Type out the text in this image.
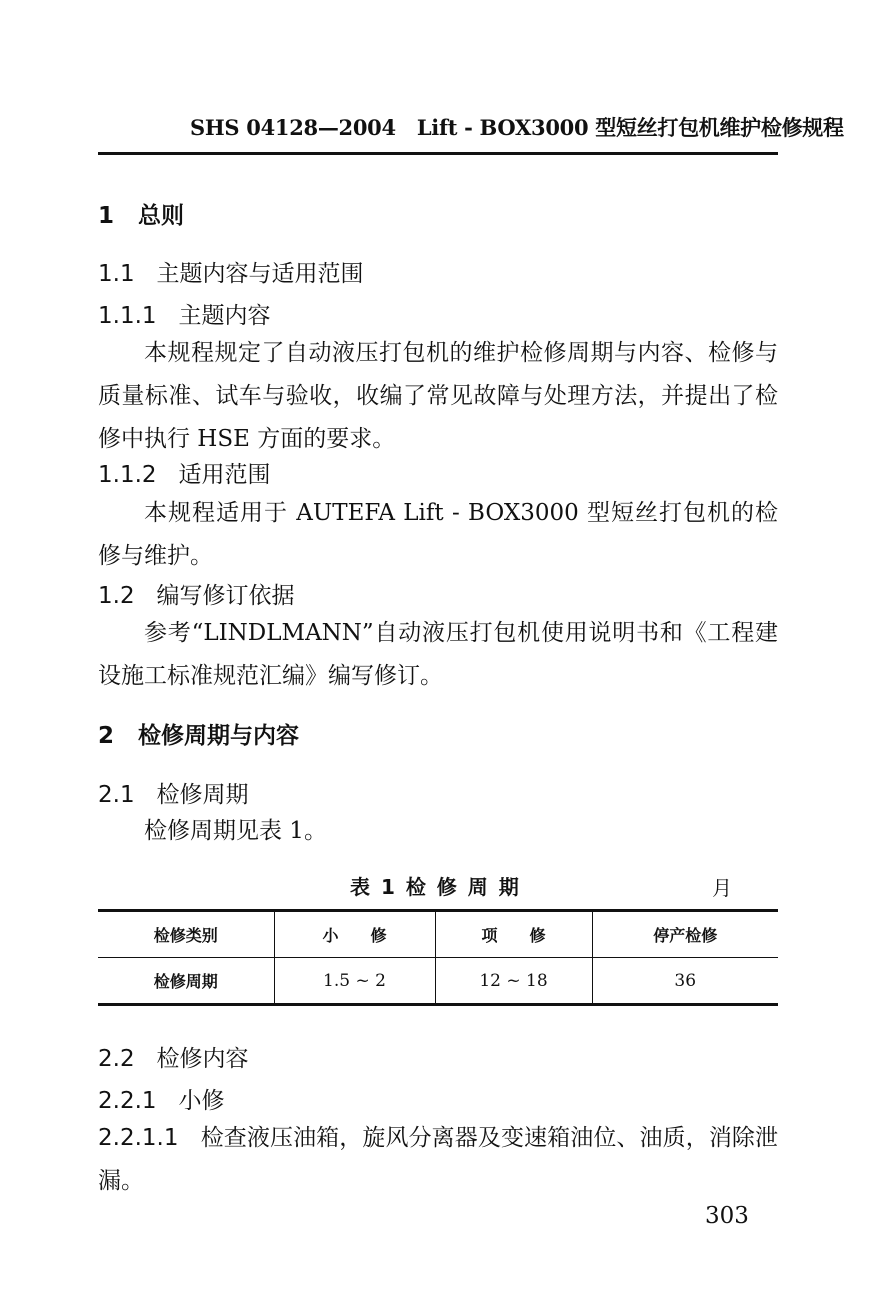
SHS 04128—2004 Lift - BOX3000 型短丝打包机维护检修规程
1 总则
1.1 主题内容与适用范围
1.1.1 主题内容
本规程规定了自动液压打包机的维护检修周期与内容、检修与质量标准、试车与验收，收编了常见故障与处理方法，并提出了检修中执行 HSE 方面的要求。
1.1.2 适用范围
本规程适用于 AUTEFA Lift - BOX3000 型短丝打包机的检修与维护。
1.2 编写修订依据
参考“LINDLMANN”自动液压打包机使用说明书和《工程建设施工标准规范汇编》编写修订。
2 检修周期与内容
2.1 检修周期
检修周期见表 1。
表 1 检 修 周 期	月
检修类别	小　　修	项　　修	停产检修
检修周期	1.5 ~ 2	12 ~ 18	36
2.2 检修内容
2.2.1 小修
2.2.1.1 检查液压油箱，旋风分离器及变速箱油位、油质，消除泄漏。
303
